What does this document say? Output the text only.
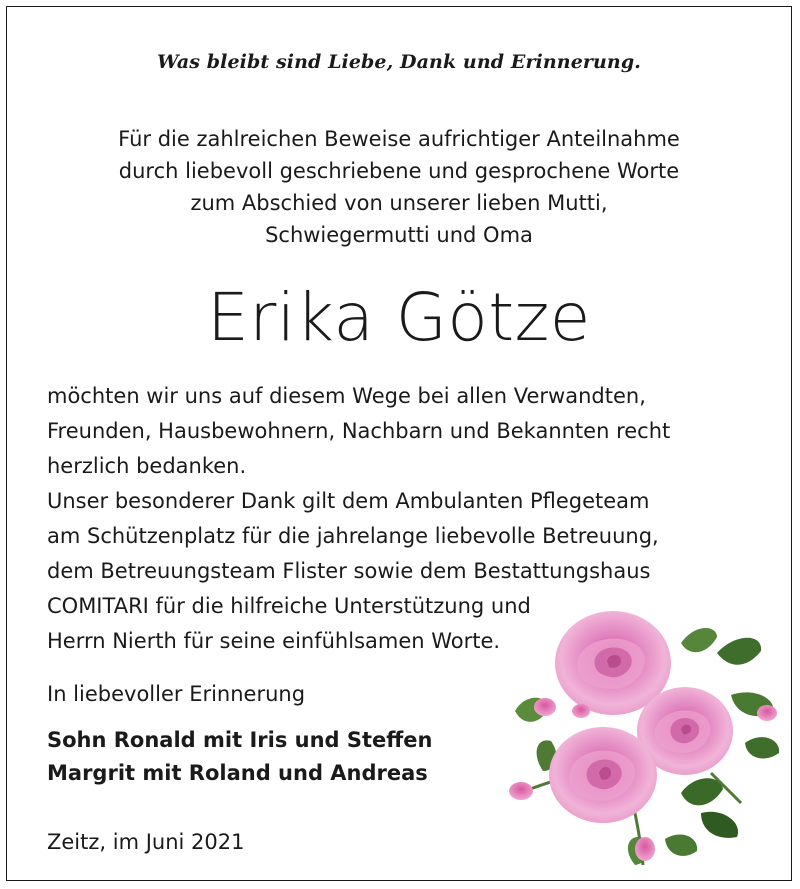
Was bleibt sind Liebe, Dank und Erinnerung.
Für die zahlreichen Beweise aufrichtiger Anteilnahme
durch liebevoll geschriebene und gesprochene Worte
zum Abschied von unserer lieben Mutti,
Schwiegermutti und Oma
Erika Götze
möchten wir uns auf diesem Wege bei allen Verwandten,
Freunden, Hausbewohnern, Nachbarn und Bekannten recht
herzlich bedanken.
Unser besonderer Dank gilt dem Ambulanten Pflegeteam
am Schützenplatz für die jahrelange liebevolle Betreuung,
dem Betreuungsteam Flister sowie dem Bestattungshaus
COMITARI für die hilfreiche Unterstützung und
Herrn Nierth für seine einfühlsamen Worte.
In liebevoller Erinnerung
Sohn Ronald mit Iris und Steffen
Margrit mit Roland und Andreas
Zeitz, im Juni 2021
